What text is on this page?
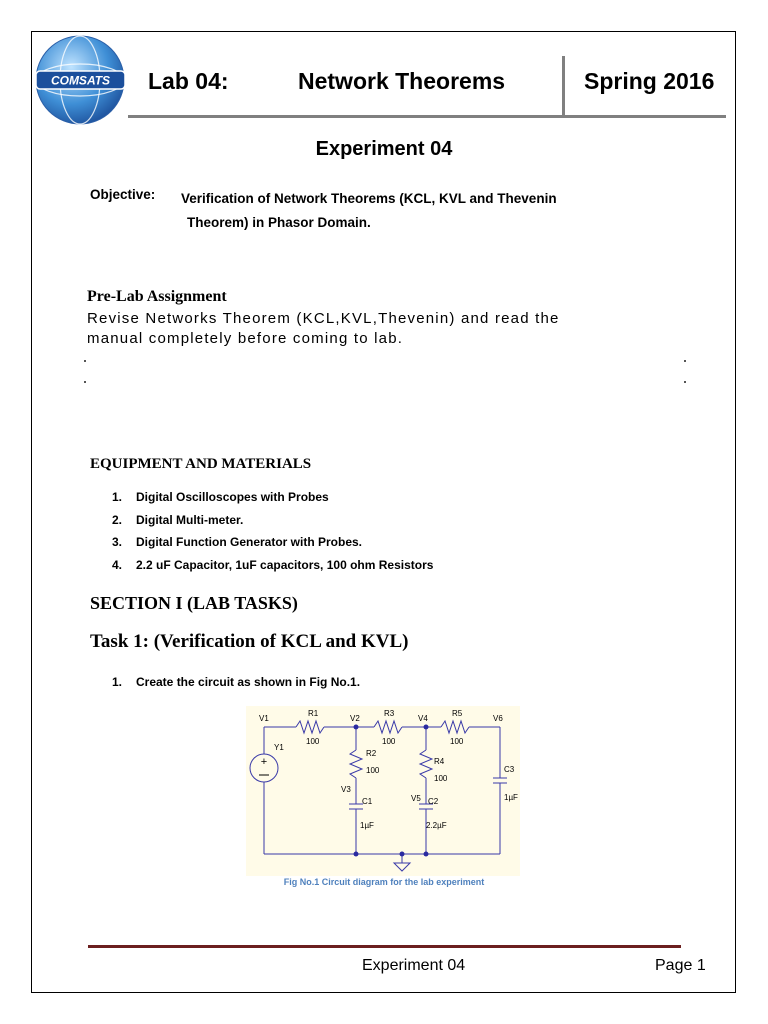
COMSATS Lab 04:	Network Theorems	Spring 2016
Experiment 04
Objective: Verification of Network Theorems (KCL, KVL and Thevenin
Theorem) in Phasor Domain.
Pre-Lab Assignment
Revise Networks Theorem (KCL,KVL,Thevenin) and read the
manual completely before coming to lab.
EQUIPMENT AND MATERIALS
1. Digital Oscilloscopes with Probes
2. Digital Multi-meter.
3. Digital Function Generator with Probes.
4. 2.2 uF Capacitor, 1uF capacitors, 100 ohm Resistors
SECTION I (LAB TASKS)
Task 1: (Verification of KCL and KVL)
1. Create the circuit as shown in Fig No.1.
+
V1	V2	V4	V6
Y1
R1
100
R3
100
R5
100
R2
100
R4
100
V3
V5
C1
1µF
C2
2.2µF
C3
1µF
Fig No.1 Circuit diagram for the lab experiment
Experiment 04	Page 1
